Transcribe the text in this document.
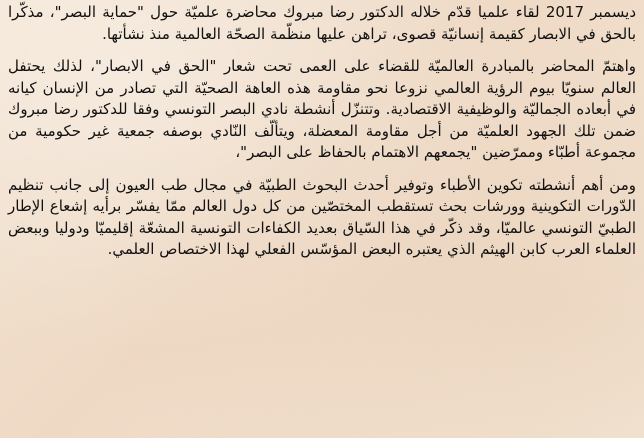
ديسمبر 2017 لقاء علميا قدّم خلاله الدكتور رضا مبروك محاضرة علميّة حول "حماية البصر"، مذكّرا بالحق في الابصار كقيمة إنسانيّة قصوى، تراهن عليها منظّمة الصحّة العالمية منذ نشأتها.

واهتمّ المحاضر بالمبادرة العالميّة للقضاء على العمى تحت شعار "الحق في الابصار"، لذلك يحتفل العالم سنويّا بيوم الرؤية العالمي نزوعا نحو مقاومة هذه العاهة الصحيّة التي تصادر من الإنسان كيانه في أبعاده الجماليّة والوظيفية الاقتصادية. وتتنزّل أنشطة نادي البصر التونسي وفقا للدكتور رضا مبروك ضمن تلك الجهود العلميّة من أجل مقاومة المعضلة، ويتألّف النّادي بوصفه جمعية غير حكومية من مجموعة أطبّاء وممرّضين "يجمعهم الاهتمام بالحفاظ على البصر"،

ومن أهم أنشطته تكوين الأطباء وتوفير أحدث البحوث الطبيّة في مجال طب العيون إلى جانب تنظيم الدّورات التكوينية وورشات بحث تستقطب المختصّين من كل دول العالم ممّا يفسّر برأيه إشعاع الإطار الطبيّ التونسي عالميّا، وقد ذكّر في هذا السّياق بعديد الكفاءات التونسية المشعّة إقليميّا ودوليا وببعض العلماء العرب كابن الهيثم الذي يعتبره البعض المؤسّس الفعلي لهذا الاختصاص العلمي.
